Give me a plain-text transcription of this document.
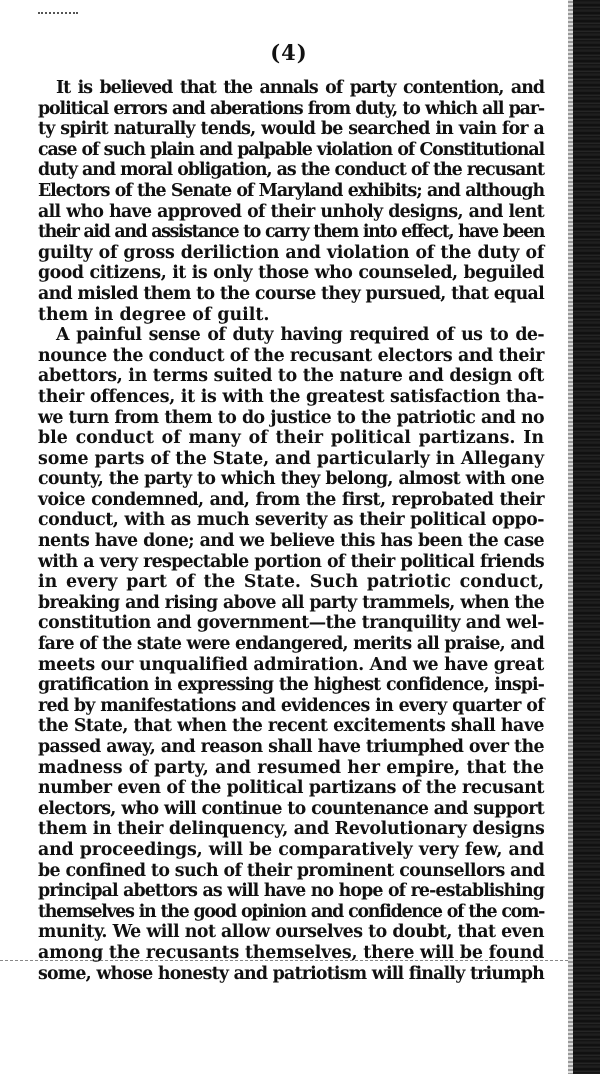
(4)

It is believed that the annals of party contention, and
political errors and aberations from duty, to which all par-
ty spirit naturally tends, would be searched in vain for a
case of such plain and palpable violation of Constitutional
duty and moral obligation, as the conduct of the recusant
Electors of the Senate of Maryland exhibits; and although
all who have approved of their unholy designs, and lent
their aid and assistance to carry them into effect, have been
guilty of gross deriliction and violation of the duty of
good citizens, it is only those who counseled, beguiled
and misled them to the course they pursued, that equal
them in degree of guilt.

A painful sense of duty having required of us to de-
nounce the conduct of the recusant electors and their
abettors, in terms suited to the nature and design oft
their offences, it is with the greatest satisfaction tha-
we turn from them to do justice to the patriotic and no
ble conduct of many of their political partizans. In
some parts of the State, and particularly in Allegany
county, the party to which they belong, almost with one
voice condemned, and, from the first, reprobated their
conduct, with as much severity as their political oppo-
nents have done; and we believe this has been the case
with a very respectable portion of their political friends
in every part of the State. Such patriotic conduct,
breaking and rising above all party trammels, when the
constitution and government—the tranquility and wel-
fare of the state were endangered, merits all praise, and
meets our unqualified admiration. And we have great
gratification in expressing the highest confidence, inspi-
red by manifestations and evidences in every quarter of
the State, that when the recent excitements shall have
passed away, and reason shall have triumphed over the
madness of party, and resumed her empire, that the
number even of the political partizans of the recusant
electors, who will continue to countenance and support
them in their delinquency, and Revolutionary designs
and proceedings, will be comparatively very few, and
be confined to such of their prominent counsellors and
principal abettors as will have no hope of re-establishing
themselves in the good opinion and confidence of the com-
munity. We will not allow ourselves to doubt, that even
among the recusants themselves, there will be found
some, whose honesty and patriotism will finally triumph
